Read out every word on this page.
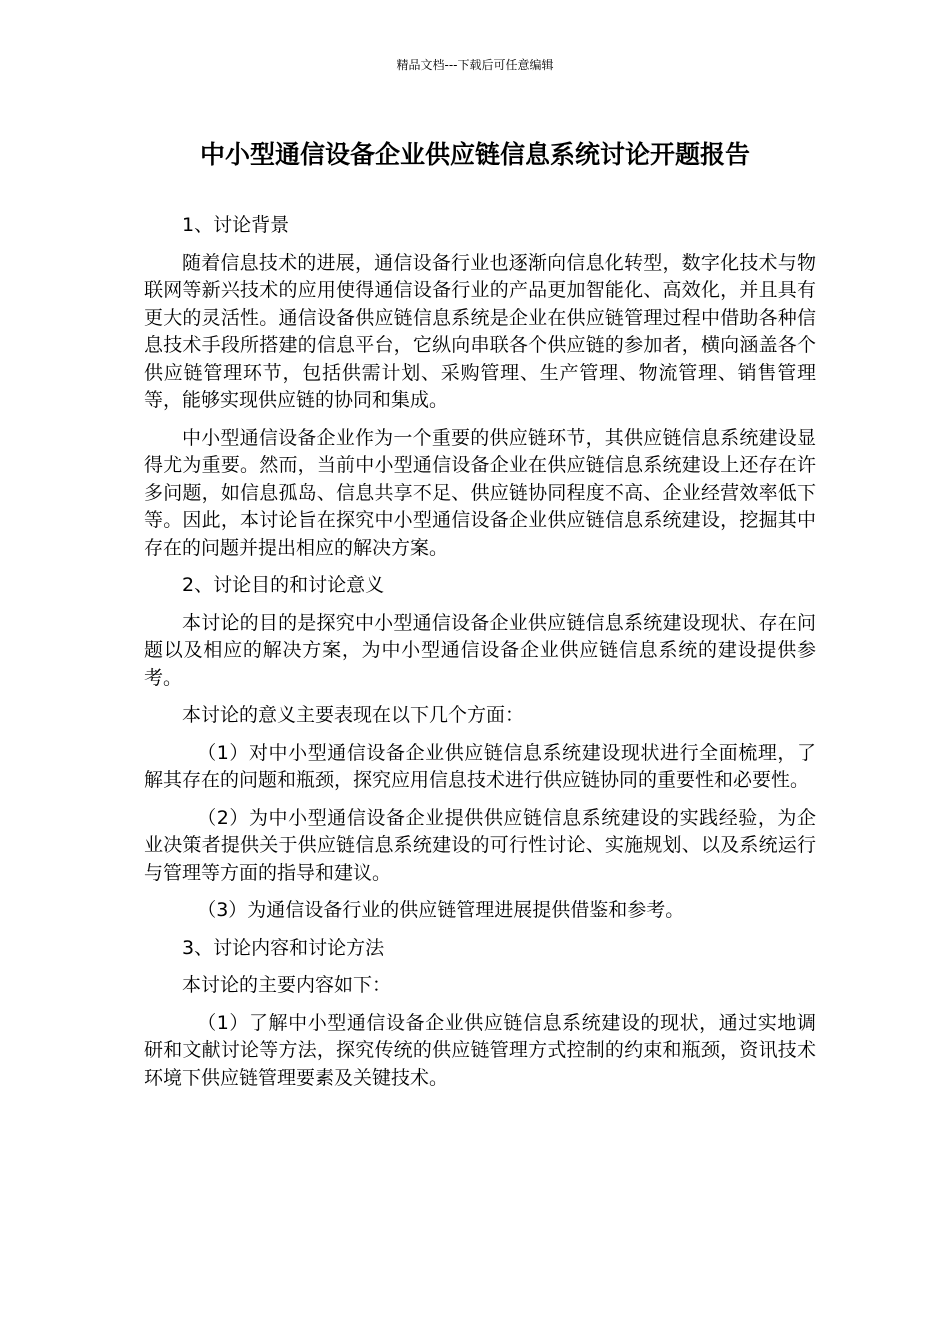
精品文档---下载后可任意编辑
中小型通信设备企业供应链信息系统讨论开题报告

1、讨论背景

随着信息技术的进展，通信设备行业也逐渐向信息化转型，数字化技术与物联网等新兴技术的应用使得通信设备行业的产品更加智能化、高效化，并且具有更大的灵活性。通信设备供应链信息系统是企业在供应链管理过程中借助各种信息技术手段所搭建的信息平台，它纵向串联各个供应链的参加者，横向涵盖各个供应链管理环节，包括供需计划、采购管理、生产管理、物流管理、销售管理等，能够实现供应链的协同和集成。

中小型通信设备企业作为一个重要的供应链环节，其供应链信息系统建设显得尤为重要。然而，当前中小型通信设备企业在供应链信息系统建设上还存在许多问题，如信息孤岛、信息共享不足、供应链协同程度不高、企业经营效率低下等。因此，本讨论旨在探究中小型通信设备企业供应链信息系统建设，挖掘其中存在的问题并提出相应的解决方案。

2、讨论目的和讨论意义

本讨论的目的是探究中小型通信设备企业供应链信息系统建设现状、存在问题以及相应的解决方案，为中小型通信设备企业供应链信息系统的建设提供参考。

本讨论的意义主要表现在以下几个方面：

（1）对中小型通信设备企业供应链信息系统建设现状进行全面梳理，了解其存在的问题和瓶颈，探究应用信息技术进行供应链协同的重要性和必要性。

（2）为中小型通信设备企业提供供应链信息系统建设的实践经验，为企业决策者提供关于供应链信息系统建设的可行性讨论、实施规划、以及系统运行与管理等方面的指导和建议。

（3）为通信设备行业的供应链管理进展提供借鉴和参考。

3、讨论内容和讨论方法

本讨论的主要内容如下：

（1）了解中小型通信设备企业供应链信息系统建设的现状，通过实地调研和文献讨论等方法，探究传统的供应链管理方式控制的约束和瓶颈，资讯技术环境下供应链管理要素及关键技术。
